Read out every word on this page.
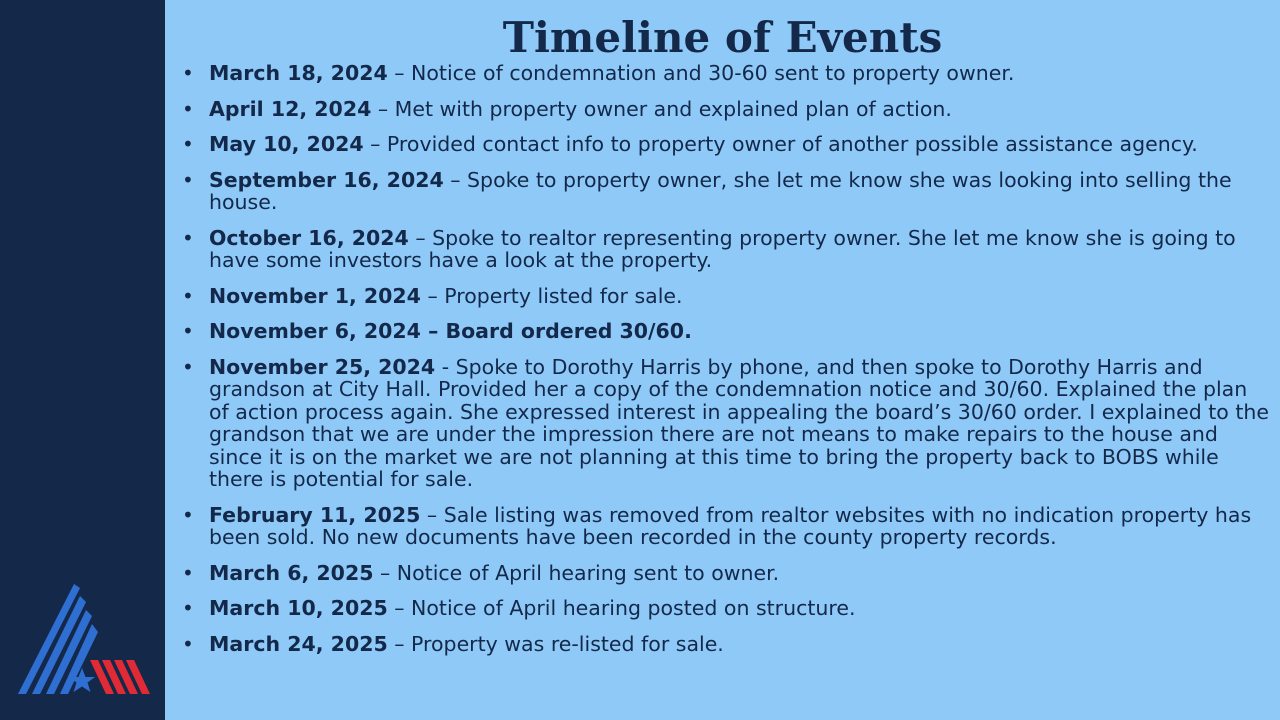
Timeline of Events
• March 18, 2024 – Notice of condemnation and 30-60 sent to property owner.
• April 12, 2024 – Met with property owner and explained plan of action.
• May 10, 2024 – Provided contact info to property owner of another possible assistance agency.
• September 16, 2024 – Spoke to property owner, she let me know she was looking into selling the house.
• October 16, 2024 – Spoke to realtor representing property owner. She let me know she is going to have some investors have a look at the property.
• November 1, 2024 – Property listed for sale.
• November 6, 2024 – Board ordered 30/60.
• November 25, 2024 - Spoke to Dorothy Harris by phone, and then spoke to Dorothy Harris and grandson at City Hall. Provided her a copy of the condemnation notice and 30/60. Explained the plan of action process again. She expressed interest in appealing the board’s 30/60 order. I explained to the grandson that we are under the impression there are not means to make repairs to the house and since it is on the market we are not planning at this time to bring the property back to BOBS while there is potential for sale.
• February 11, 2025 – Sale listing was removed from realtor websites with no indication property has been sold. No new documents have been recorded in the county property records.
• March 6, 2025 – Notice of April hearing sent to owner.
• March 10, 2025 – Notice of April hearing posted on structure.
• March 24, 2025 – Property was re-listed for sale.
